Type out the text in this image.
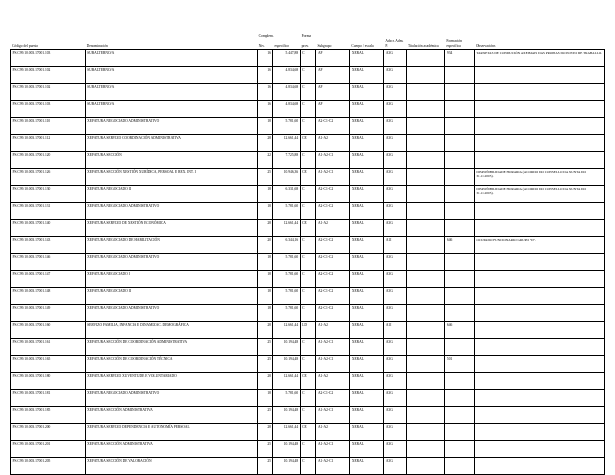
		Complem.		Forma						
Código del puesto	Denominación	Niv.	específico	prov.	Subgrupo	Cuerpo / escala	Adscr. Adm. P.	Titulación académica	Formación específica	Observacións
PS.C99.10.003.17001.103	SUBALTERNO/A	16	5.447,88	C	AF	XERAL	A3G		934	TARXETAS DE CONDUCIÓN AXEIMAIS DAS PROPIAS DO POSTO DE TRABALLO.
PS.C99.10.003.17001.102	SUBALTERNO/A	16	4.834,68	C	AF	XERAL	A3G			
PS.C99.10.003.17001.102	SUBALTERNO/A	16	4.834,68	C	AF	XERAL	A3G			
PS.C99.10.003.17001.103	SUBALTERNO/A	16	4.834,68	C	AF	XERAL	A3G			
PS.C99.10.003.17001.110	XEFATURA NEGOCIADO ADMINISTRATIVO	18	5.781,60	C	A2-C1-C2	XERAL	A3G			
PS.C99.10.003.17001.112	XEFATURA SERVIZO COORDINACIÓN ADMINISTRATIVA	28	12.661,44	CE	A1-A2	XERAL	A3G			
PS.C99.10.003.17001.120	XEFATURA SECCIÓN	22	7.725,88	C	A1-A2-C1	XERAL	A3G			
PS.C99.10.003.17001.126	XEFATURA SECCIÓN XESTIÓN XURÍDICA, PERSOAL E REX. INT. I	25	10.946,36	CE	A1-A2-C1	XERAL	A3G			DISPOÑIBILIDADE HORARIA (ACORDO DO CONSELLO DA XUNTA DO 31.11.2005).
PS.C99.10.003.17001.130	XEFATURA NEGOCIADO II	18	6.331,68	C	A2-C1-C2	XERAL	A3G			DISPOÑIBILIDADE HORARIA (ACORDO DO CONSELLO DA XUNTA DO 31.11.2005).
PS.C99.10.003.17001.131	XEFATURA NEGOCIADO ADMINISTRATIVO	18	5.781,60	C	A2-C1-C2	XERAL	A3G			
PS.C99.10.003.17001.140	XEFATURA SERVIZO DE XESTIÓN ECONÓMICA	28	12.661,44	CE	A1-A2	XERAL	A3G			
PS.C99.10.003.17001.143	XEFATURA NEGOCIADO DE HABILITACIÓN	20	6.344,16	C	A2-C1-C2	XERAL	A1I		646	OCUPADO FUNCIONARIO GRUPO "D".
PS.C99.10.003.17001.146	XEFATURA NEGOCIADO ADMINISTRATIVO	18	5.781,60	C	A2-C1-C2	XERAL	A3G			
PS.C99.10.003.17001.147	XEFATURA NEGOCIADO I	18	5.781,60	C	A2-C1-C2	XERAL	A3G			
PS.C99.10.003.17001.148	XEFATURA NEGOCIADO II	18	5.781,60	C	A2-C1-C2	XERAL	A3G			
PS.C99.10.003.17001.149	XEFATURA NEGOCIADO ADMINISTRATIVO	18	5.781,60	C	A2-C1-C2	XERAL	A3G			
PS.C99.10.003.17001.160	SERVIZO FAMILIA, INFANCIA E DINAMIZAC. DEMOGRÁFICA	28	12.661,44	LD	A1-A2	XERAL	A1I		646	
PS.C99.10.003.17001.161	XEFATURA SECCIÓN DE COORDINACIÓN ADMINISTRATIVA	25	10.194,48	C	A1-A2-C1	XERAL	A3G			
PS.C99.10.003.17001.165	XEFATURA SECCIÓN DE COORDINACIÓN TÉCNICA	25	10.194,48	C	A1-A2-C1	XERAL	A3G		501	
PS.C99.10.003.17001.180	XEFATURA SERVIZO XUVENTUDE E VOLUNTARIADO	28	12.661,44	CE	A1-A2	XERAL	A3G			
PS.C99.10.003.17001.181	XEFATURA NEGOCIADO ADMINISTRATIVO	18	5.781,60	C	A2-C1-C2	XERAL	A3G			
PS.C99.10.003.17001.185	XEFATURA SECCIÓN ADMINISTRATIVA	25	10.194,48	C	A1-A2-C1	XERAL	A3G			
PS.C99.10.003.17001.200	XEFATURA SERVIZO DEPENDENCIA E AUTONOMÍA PERSOAL	28	12.661,44	CE	A1-A2	XERAL	A3G			
PS.C99.10.003.17001.201	XEFATURA SECCIÓN ADMINISTRATIVA	25	10.194,48	C	A1-A2-C1	XERAL	A3G			
PS.C99.10.003.17001.205	XEFATURA SECCIÓN DE VALORACIÓN	25	10.194,48	C	A1-A2-C1	XERAL	A3G			
